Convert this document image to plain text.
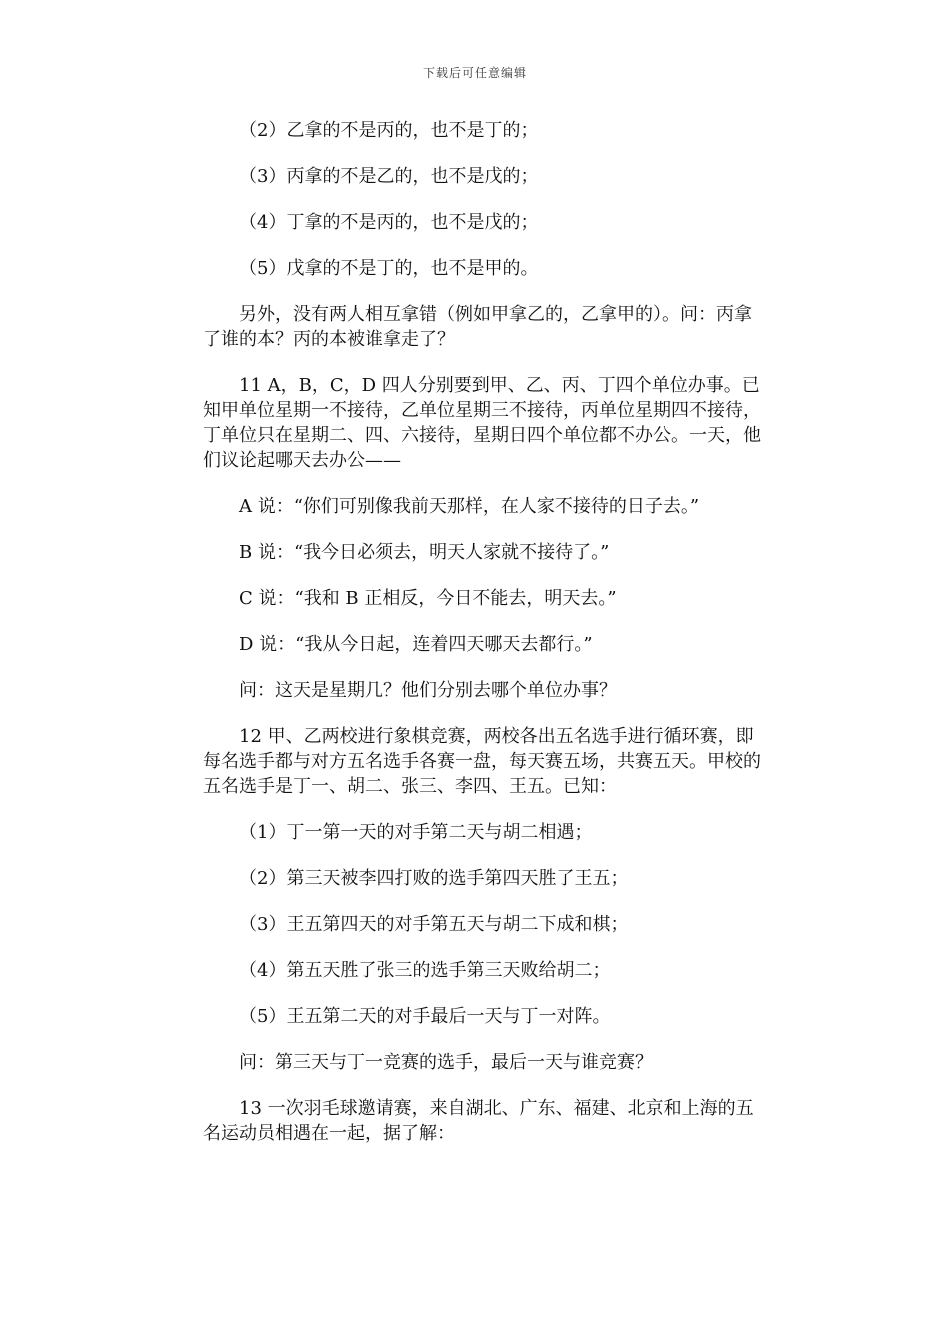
下载后可任意编辑

（2）乙拿的不是丙的，也不是丁的；

（3）丙拿的不是乙的，也不是戊的；

（4）丁拿的不是丙的，也不是戊的；

（5）戊拿的不是丁的，也不是甲的。

另外，没有两人相互拿错（例如甲拿乙的，乙拿甲的）。问：丙拿了谁的本？丙的本被谁拿走了？

11 A，B，C，D 四人分别要到甲、乙、丙、丁四个单位办事。已知甲单位星期一不接待，乙单位星期三不接待，丙单位星期四不接待，丁单位只在星期二、四、六接待，星期日四个单位都不办公。一天，他们议论起哪天去办公——

A 说：“你们可别像我前天那样，在人家不接待的日子去。”

B 说：“我今日必须去，明天人家就不接待了。”

C 说：“我和 B 正相反，今日不能去，明天去。”

D 说：“我从今日起，连着四天哪天去都行。”

问：这天是星期几？他们分别去哪个单位办事？

12 甲、乙两校进行象棋竞赛，两校各出五名选手进行循环赛，即每名选手都与对方五名选手各赛一盘，每天赛五场，共赛五天。甲校的五名选手是丁一、胡二、张三、李四、王五。已知：

（1）丁一第一天的对手第二天与胡二相遇；

（2）第三天被李四打败的选手第四天胜了王五；

（3）王五第四天的对手第五天与胡二下成和棋；

（4）第五天胜了张三的选手第三天败给胡二；

（5）王五第二天的对手最后一天与丁一对阵。

问：第三天与丁一竞赛的选手，最后一天与谁竞赛？

13 一次羽毛球邀请赛，来自湖北、广东、福建、北京和上海的五名运动员相遇在一起，据了解：
